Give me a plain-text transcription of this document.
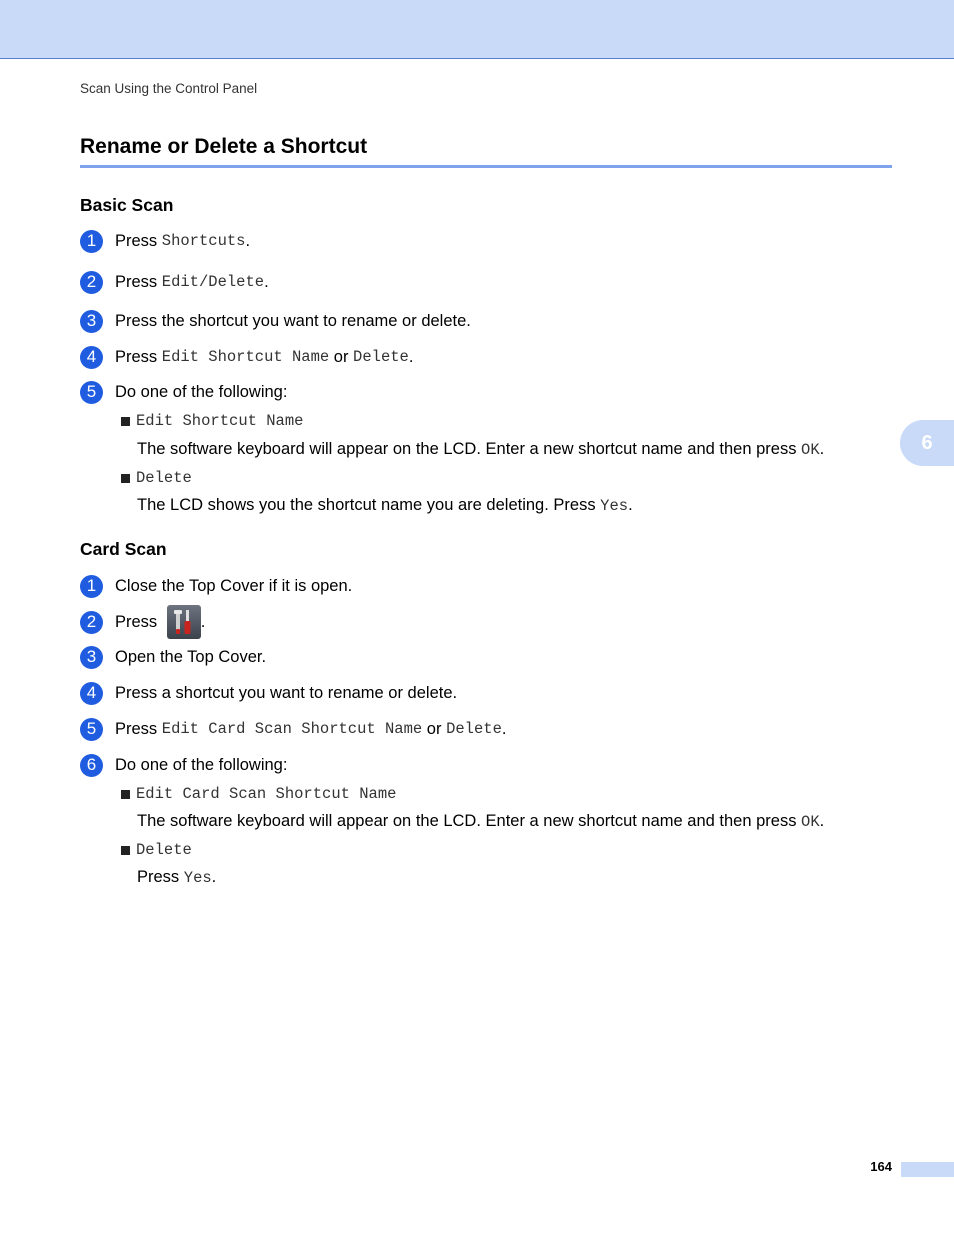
Scan Using the Control Panel
Rename or Delete a Shortcut
6
Basic Scan
1	Press Shortcuts .
2	Press Edit/Delete .
3	Press the shortcut you want to rename or delete.
4	Press Edit Shortcut Name or Delete .
5	Do one of the following:
Edit Shortcut Name
The software keyboard will appear on the LCD. Enter a new shortcut name and then press OK.
Delete
The LCD shows you the shortcut name you are deleting. Press Yes.
Card Scan
1	Close the Top Cover if it is open.
2	Press .
3	Open the Top Cover.
4	Press a shortcut you want to rename or delete.
5	Press Edit Card Scan Shortcut Name or Delete .
6	Do one of the following:
Edit Card Scan Shortcut Name
The software keyboard will appear on the LCD. Enter a new shortcut name and then press OK.
Delete
Press Yes.
164
